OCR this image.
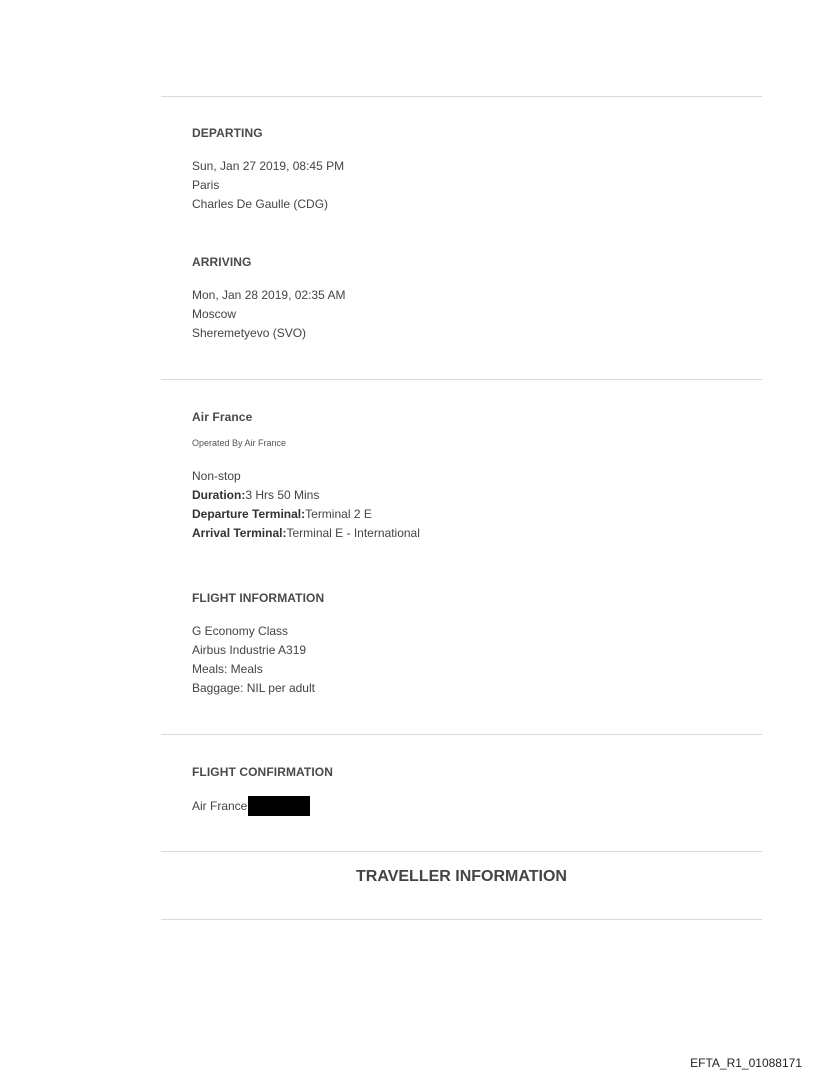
DEPARTING
Sun, Jan 27 2019, 08:45 PM
Paris
Charles De Gaulle (CDG)
ARRIVING
Mon, Jan 28 2019, 02:35 AM
Moscow
Sheremetyevo (SVO)
Air France
Operated By Air France
Non-stop
Duration:3 Hrs 50 Mins
Departure Terminal:Terminal 2 E
Arrival Terminal:Terminal E - International
FLIGHT INFORMATION
G Economy Class
Airbus Industrie A319
Meals: Meals
Baggage: NIL per adult
FLIGHT CONFIRMATION
Air France
TRAVELLER INFORMATION
EFTA_R1_01088171
